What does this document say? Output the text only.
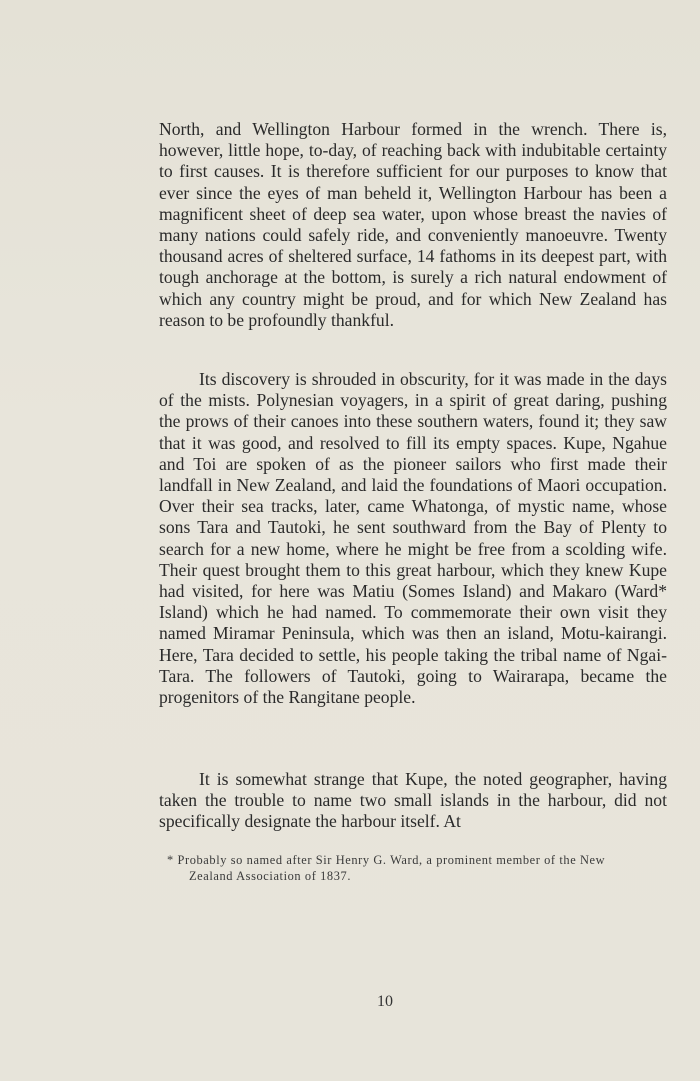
North, and Wellington Harbour formed in the wrench. There is, however, little hope, to-day, of reaching back with indubitable certainty to first causes. It is therefore sufficient for our purposes to know that ever since the eyes of man beheld it, Wellington Harbour has been a magnificent sheet of deep sea water, upon whose breast the navies of many nations could safely ride, and conveniently manoeuvre. Twenty thousand acres of sheltered surface, 14 fathoms in its deepest part, with tough anchorage at the bottom, is surely a rich natural endowment of which any country might be proud, and for which New Zealand has reason to be profoundly thankful.

Its discovery is shrouded in obscurity, for it was made in the days of the mists. Polynesian voyagers, in a spirit of great daring, pushing the prows of their canoes into these southern waters, found it; they saw that it was good, and resolved to fill its empty spaces. Kupe, Ngahue and Toi are spoken of as the pioneer sailors who first made their landfall in New Zealand, and laid the foundations of Maori occupation. Over their sea tracks, later, came Whatonga, of mystic name, whose sons Tara and Tautoki, he sent southward from the Bay of Plenty to search for a new home, where he might be free from a scolding wife. Their quest brought them to this great harbour, which they knew Kupe had visited, for here was Matiu (Somes Island) and Makaro (Ward* Island) which he had named. To commemorate their own visit they named Miramar Peninsula, which was then an island, Motu-kairangi. Here, Tara decided to settle, his people taking the tribal name of Ngai-Tara. The followers of Tautoki, going to Wairarapa, became the progenitors of the Rangitane people.

It is somewhat strange that Kupe, the noted geographer, having taken the trouble to name two small islands in the harbour, did not specifically designate the harbour itself. At

* Probably so named after Sir Henry G. Ward, a prominent member of the New
Zealand Association of 1837.
10
